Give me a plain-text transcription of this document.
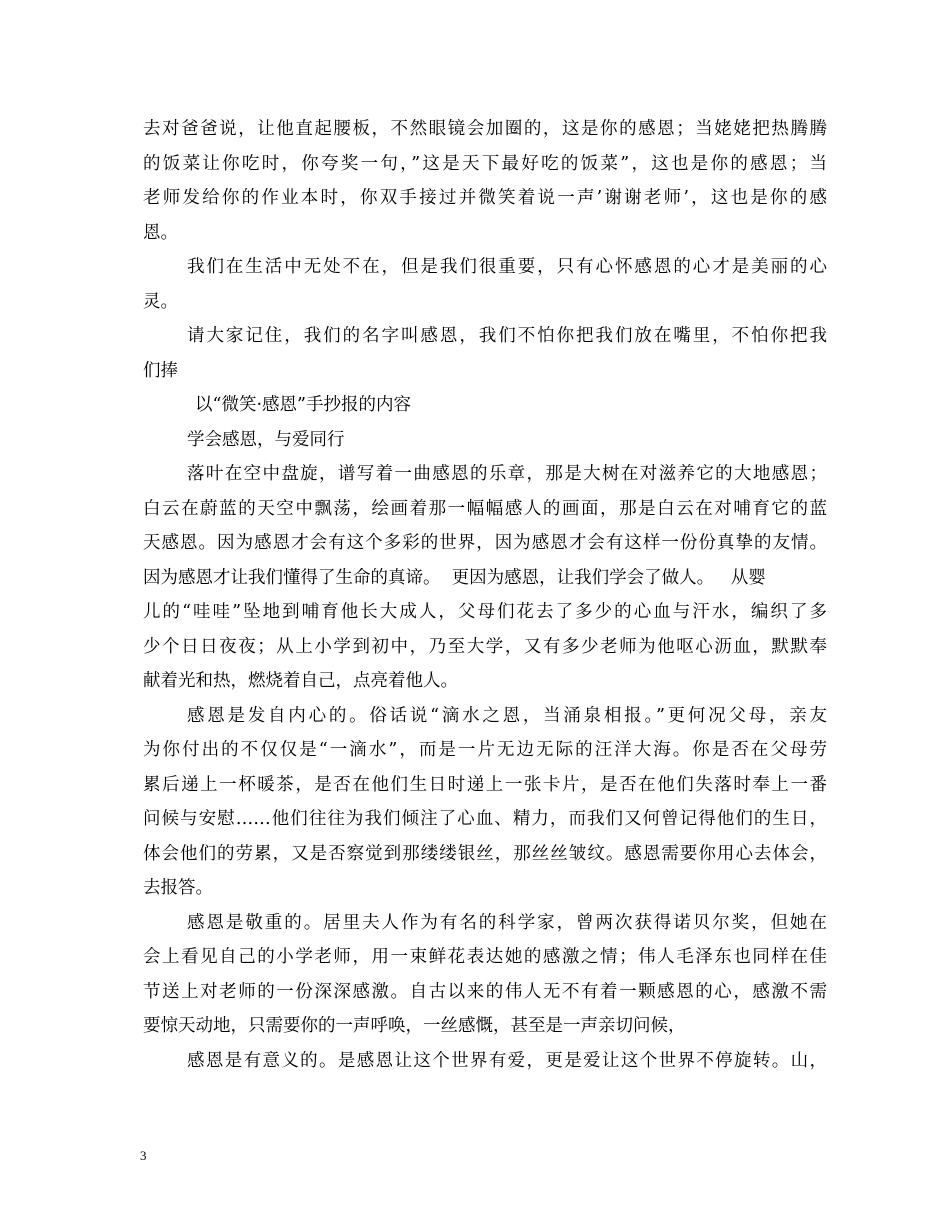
去对爸爸说，让他直起腰板，不然眼镜会加圈的，这是你的感恩；当姥姥把热腾腾
的饭菜让你吃时，你夸奖一句，”这是天下最好吃的饭菜”，这也是你的感恩；当
老师发给你的作业本时，你双手接过并微笑着说一声’谢谢老师’，这也是你的感
恩。
我们在生活中无处不在，但是我们很重要，只有心怀感恩的心才是美丽的心
灵。
请大家记住，我们的名字叫感恩，我们不怕你把我们放在嘴里，不怕你把我
们捧
以“微笑·感恩”手抄报的内容
学会感恩，与爱同行
落叶在空中盘旋，谱写着一曲感恩的乐章，那是大树在对滋养它的大地感恩；
白云在蔚蓝的天空中飘荡，绘画着那一幅幅感人的画面，那是白云在对哺育它的蓝
天感恩。因为感恩才会有这个多彩的世界，因为感恩才会有这样一份份真挚的友情。
因为感恩才让我们懂得了生命的真谛。  更因为感恩，让我们学会了做人。   从婴
儿的“哇哇”坠地到哺育他长大成人，父母们花去了多少的心血与汗水，编织了多
少个日日夜夜；从上小学到初中，乃至大学，又有多少老师为他呕心沥血，默默奉
献着光和热，燃烧着自己，点亮着他人。
感恩是发自内心的。俗话说“滴水之恩，当涌泉相报。”更何况父母，亲友
为你付出的不仅仅是“一滴水”，而是一片无边无际的汪洋大海。你是否在父母劳
累后递上一杯暖茶，是否在他们生日时递上一张卡片，是否在他们失落时奉上一番
问候与安慰……他们往往为我们倾注了心血、精力，而我们又何曾记得他们的生日，
体会他们的劳累，又是否察觉到那缕缕银丝，那丝丝皱纹。感恩需要你用心去体会，
去报答。
感恩是敬重的。居里夫人作为有名的科学家，曾两次获得诺贝尔奖，但她在
会上看见自己的小学老师，用一束鲜花表达她的感激之情；伟人毛泽东也同样在佳
节送上对老师的一份深深感激。自古以来的伟人无不有着一颗感恩的心，感激不需
要惊天动地，只需要你的一声呼唤，一丝感慨，甚至是一声亲切问候，
感恩是有意义的。是感恩让这个世界有爱，更是爱让这个世界不停旋转。山，
3
